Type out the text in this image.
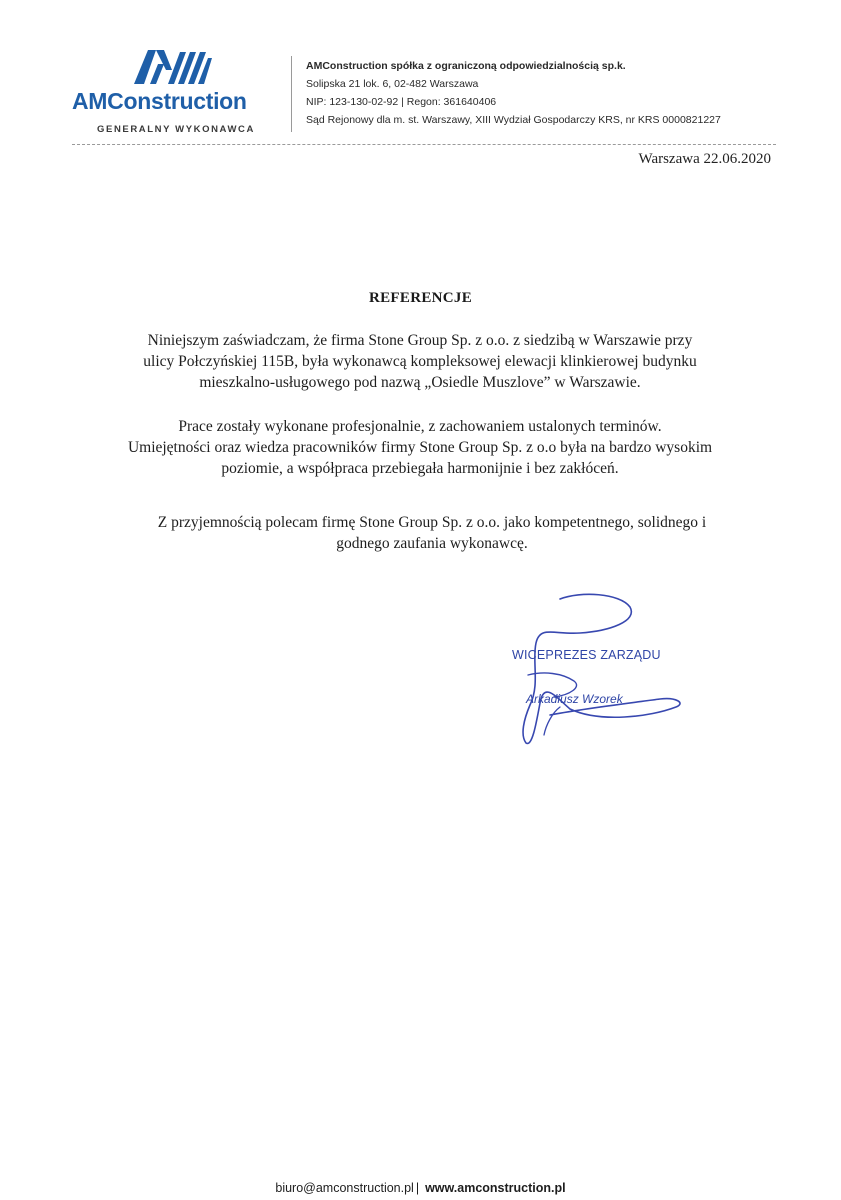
AMConstruction
GENERALNY WYKONAWCA
AMConstruction spółka z ograniczoną odpowiedzialnością sp.k.
Solipska 21 lok. 6, 02-482 Warszawa
NIP: 123-130-02-92 | Regon: 361640406
Sąd Rejonowy dla m. st. Warszawy, XIII Wydział Gospodarczy KRS, nr KRS 0000821227
Warszawa 22.06.2020
REFERENCJE
Niniejszym zaświadczam, że firma Stone Group Sp. z o.o. z siedzibą w Warszawie przy
ulicy Połczyńskiej 115B, była wykonawcą kompleksowej elewacji klinkierowej budynku
mieszkalno-usługowego pod nazwą „Osiedle Muszlove” w Warszawie.
Prace zostały wykonane profesjonalnie, z zachowaniem ustalonych terminów.
Umiejętności oraz wiedza pracowników firmy Stone Group Sp. z o.o była na bardzo wysokim
poziomie, a współpraca przebiegała harmonijnie i bez zakłóceń.
Z przyjemnością polecam firmę Stone Group Sp. z o.o. jako kompetentnego, solidnego i
godnego zaufania wykonawcę.
WICEPREZES ZARZĄDU
Arkadiusz Wzorek
biuro@amconstruction.pl | www.amconstruction.pl
